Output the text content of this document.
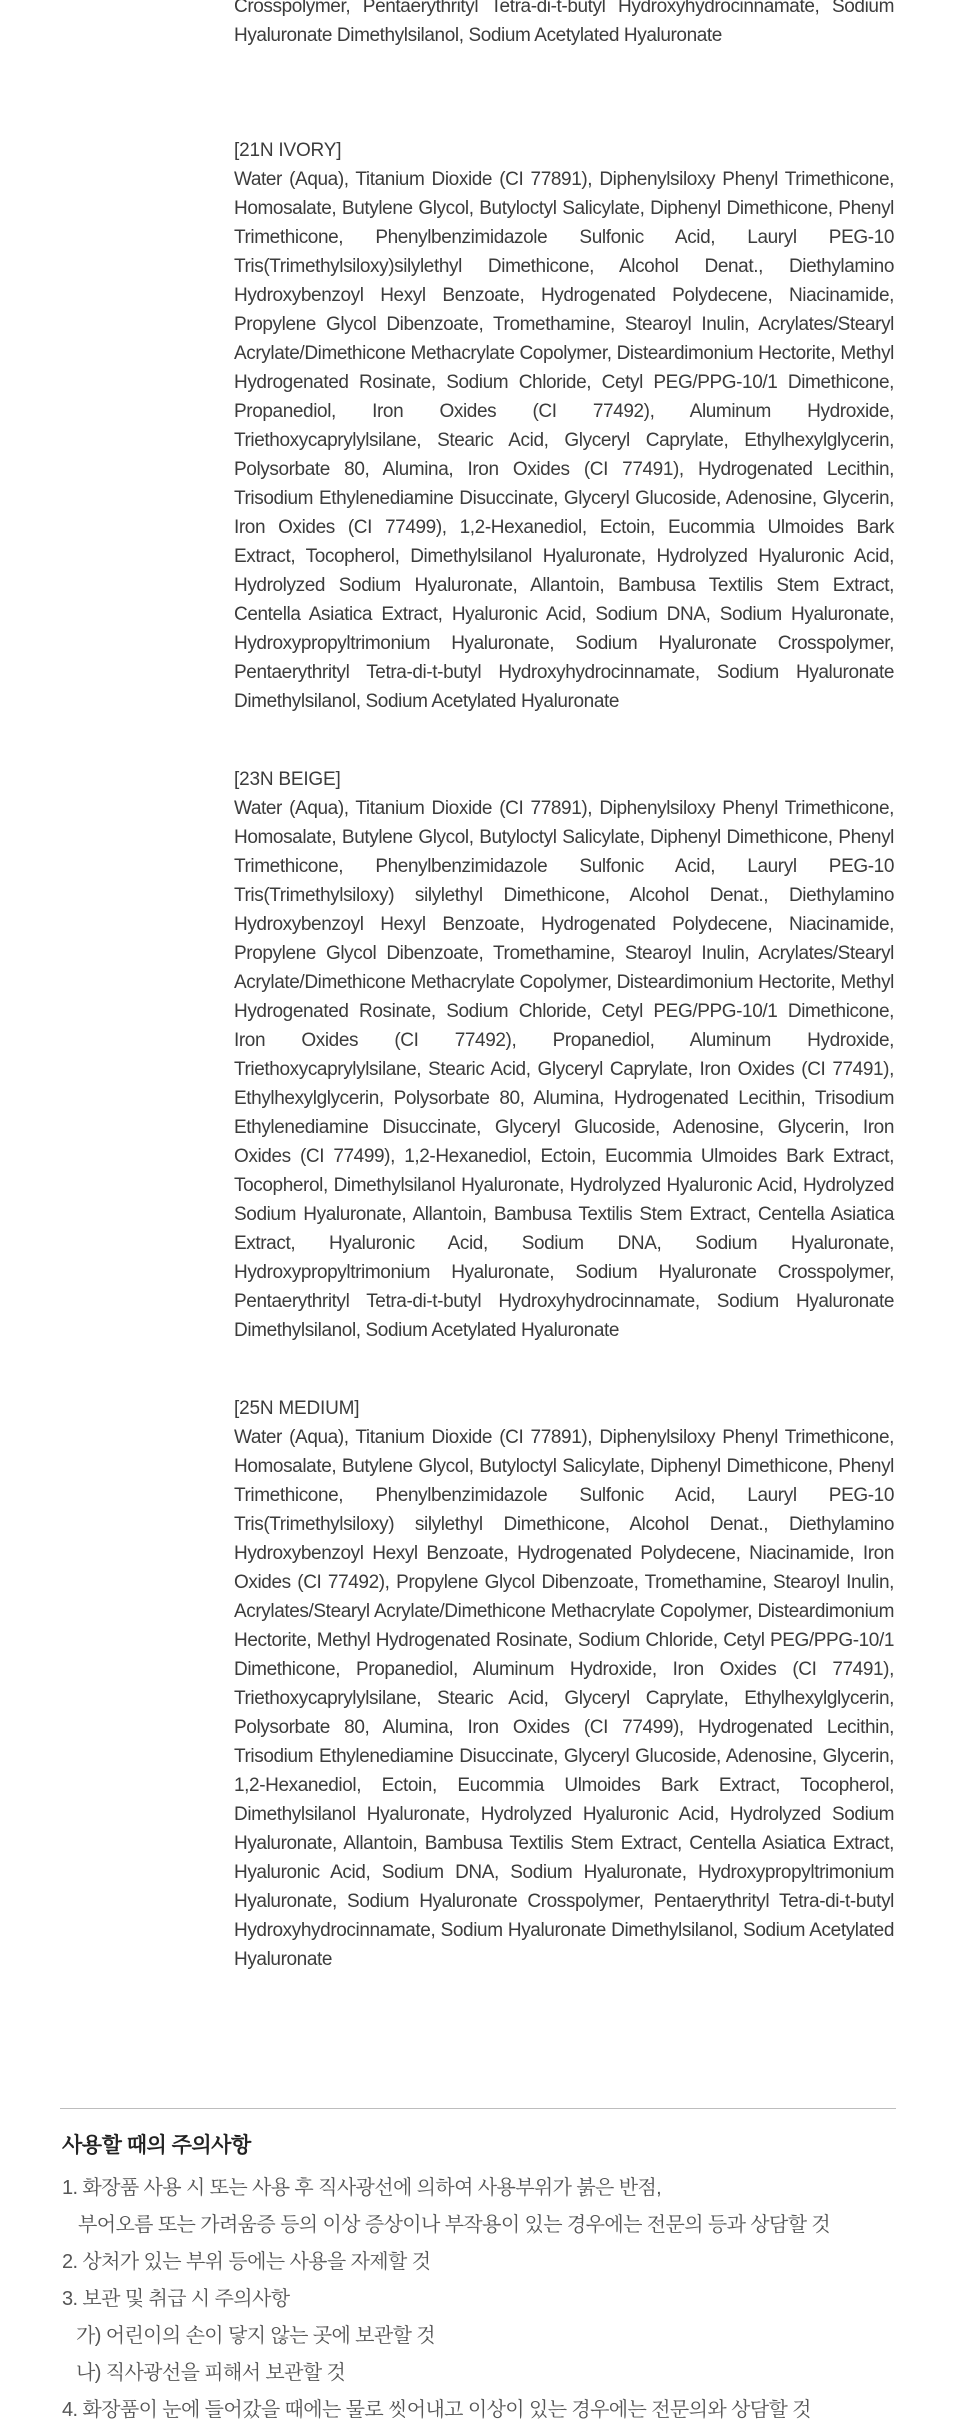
Crosspolymer, Pentaerythrityl Tetra-di-t-butyl Hydroxyhydrocinnamate, Sodium Hyaluronate Dimethylsilanol, Sodium Acetylated Hyaluronate

[21N IVORY]

Water (Aqua), Titanium Dioxide (CI 77891), Diphenylsiloxy Phenyl Trimethicone, Homosalate, Butylene Glycol, Butyloctyl Salicylate, Diphenyl Dimethicone, Phenyl Trimethicone, Phenylbenzimidazole Sulfonic Acid, Lauryl PEG-10 Tris(Trimethylsiloxy)silylethyl Dimethicone, Alcohol Denat., Diethylamino Hydroxybenzoyl Hexyl Benzoate, Hydrogenated Polydecene, Niacinamide, Propylene Glycol Dibenzoate, Tromethamine, Stearoyl Inulin, Acrylates/Stearyl Acrylate/Dimethicone Methacrylate Copolymer, Disteardimonium Hectorite, Methyl Hydrogenated Rosinate, Sodium Chloride, Cetyl PEG/PPG-10/1 Dimethicone, Propanediol, Iron Oxides (CI 77492), Aluminum Hydroxide, Triethoxycaprylylsilane, Stearic Acid, Glyceryl Caprylate, Ethylhexylglycerin, Polysorbate 80, Alumina, Iron Oxides (CI 77491), Hydrogenated Lecithin, Trisodium Ethylenediamine Disuccinate, Glyceryl Glucoside, Adenosine, Glycerin, Iron Oxides (CI 77499), 1,2-Hexanediol, Ectoin, Eucommia Ulmoides Bark Extract, Tocopherol, Dimethylsilanol Hyaluronate, Hydrolyzed Hyaluronic Acid, Hydrolyzed Sodium Hyaluronate, Allantoin, Bambusa Textilis Stem Extract, Centella Asiatica Extract, Hyaluronic Acid, Sodium DNA, Sodium Hyaluronate, Hydroxypropyltrimonium Hyaluronate, Sodium Hyaluronate Crosspolymer, Pentaerythrityl Tetra-di-t-butyl Hydroxyhydrocinnamate, Sodium Hyaluronate Dimethylsilanol, Sodium Acetylated Hyaluronate

[23N BEIGE]

Water (Aqua), Titanium Dioxide (CI 77891), Diphenylsiloxy Phenyl Trimethicone, Homosalate, Butylene Glycol, Butyloctyl Salicylate, Diphenyl Dimethicone, Phenyl Trimethicone, Phenylbenzimidazole Sulfonic Acid, Lauryl PEG-10 Tris(Trimethylsiloxy) silylethyl Dimethicone, Alcohol Denat., Diethylamino Hydroxybenzoyl Hexyl Benzoate, Hydrogenated Polydecene, Niacinamide, Propylene Glycol Dibenzoate, Tromethamine, Stearoyl Inulin, Acrylates/Stearyl Acrylate/Dimethicone Methacrylate Copolymer, Disteardimonium Hectorite, Methyl Hydrogenated Rosinate, Sodium Chloride, Cetyl PEG/PPG-10/1 Dimethicone, Iron Oxides (CI 77492), Propanediol, Aluminum Hydroxide, Triethoxycaprylylsilane, Stearic Acid, Glyceryl Caprylate, Iron Oxides (CI 77491), Ethylhexylglycerin, Polysorbate 80, Alumina, Hydrogenated Lecithin, Trisodium Ethylenediamine Disuccinate, Glyceryl Glucoside, Adenosine, Glycerin, Iron Oxides (CI 77499), 1,2-Hexanediol, Ectoin, Eucommia Ulmoides Bark Extract, Tocopherol, Dimethylsilanol Hyaluronate, Hydrolyzed Hyaluronic Acid, Hydrolyzed Sodium Hyaluronate, Allantoin, Bambusa Textilis Stem Extract, Centella Asiatica Extract, Hyaluronic Acid, Sodium DNA, Sodium Hyaluronate, Hydroxypropyltrimonium Hyaluronate, Sodium Hyaluronate Crosspolymer, Pentaerythrityl Tetra-di-t-butyl Hydroxyhydrocinnamate, Sodium Hyaluronate Dimethylsilanol, Sodium Acetylated Hyaluronate

[25N MEDIUM]

Water (Aqua), Titanium Dioxide (CI 77891), Diphenylsiloxy Phenyl Trimethicone, Homosalate, Butylene Glycol, Butyloctyl Salicylate, Diphenyl Dimethicone, Phenyl Trimethicone, Phenylbenzimidazole Sulfonic Acid, Lauryl PEG-10 Tris(Trimethylsiloxy) silylethyl Dimethicone, Alcohol Denat., Diethylamino Hydroxybenzoyl Hexyl Benzoate, Hydrogenated Polydecene, Niacinamide, Iron Oxides (CI 77492), Propylene Glycol Dibenzoate, Tromethamine, Stearoyl Inulin, Acrylates/Stearyl Acrylate/Dimethicone Methacrylate Copolymer, Disteardimonium Hectorite, Methyl Hydrogenated Rosinate, Sodium Chloride, Cetyl PEG/PPG-10/1 Dimethicone, Propanediol, Aluminum Hydroxide, Iron Oxides (CI 77491), Triethoxycaprylylsilane, Stearic Acid, Glyceryl Caprylate, Ethylhexylglycerin, Polysorbate 80, Alumina, Iron Oxides (CI 77499), Hydrogenated Lecithin, Trisodium Ethylenediamine Disuccinate, Glyceryl Glucoside, Adenosine, Glycerin, 1,2-Hexanediol, Ectoin, Eucommia Ulmoides Bark Extract, Tocopherol, Dimethylsilanol Hyaluronate, Hydrolyzed Hyaluronic Acid, Hydrolyzed Sodium Hyaluronate, Allantoin, Bambusa Textilis Stem Extract, Centella Asiatica Extract, Hyaluronic Acid, Sodium DNA, Sodium Hyaluronate, Hydroxypropyltrimonium Hyaluronate, Sodium Hyaluronate Crosspolymer, Pentaerythrityl Tetra-di-t-butyl Hydroxyhydrocinnamate, Sodium Hyaluronate Dimethylsilanol, Sodium Acetylated Hyaluronate

사용할 때의 주의사항

1. 화장품 사용 시 또는 사용 후 직사광선에 의하여 사용부위가 붉은 반점,

부어오름 또는 가려움증 등의 이상 증상이나 부작용이 있는 경우에는 전문의 등과 상담할 것

2. 상처가 있는 부위 등에는 사용을 자제할 것

3. 보관 및 취급 시 주의사항

가) 어린이의 손이 닿지 않는 곳에 보관할 것

나) 직사광선을 피해서 보관할 것

4. 화장품이 눈에 들어갔을 때에는 물로 씻어내고 이상이 있는 경우에는 전문의와 상담할 것
